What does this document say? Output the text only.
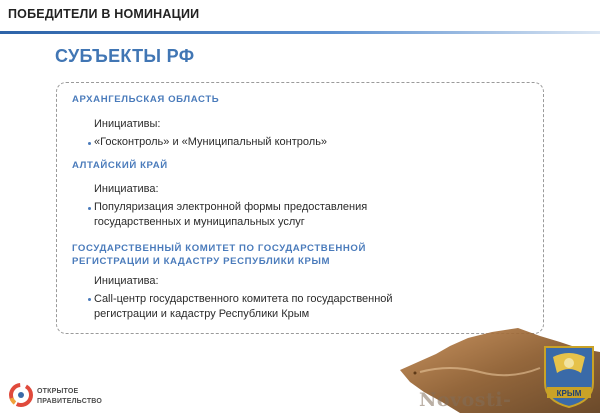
ПОБЕДИТЕЛИ В НОМИНАЦИИ
СУБЪЕКТЫ РФ
АРХАНГЕЛЬСКАЯ ОБЛАСТЬ
Инициативы:
«Госконтроль» и «Муниципальный контроль»
АЛТАЙСКИЙ КРАЙ
Инициатива:
Популяризация электронной формы предоставления
государственных и муниципальных услуг
ГОСУДАРСТВЕННЫЙ КОМИТЕТ ПО ГОСУДАРСТВЕННОЙ
РЕГИСТРАЦИИ И КАДАСТРУ РЕСПУБЛИКИ КРЫМ
Инициатива:
Call-центр государственного комитета по государственной
регистрации и кадастру Республики Крым
Novosti-	КРЫМ
ОТКРЫТОЕ
ПРАВИТЕЛЬСТВО
